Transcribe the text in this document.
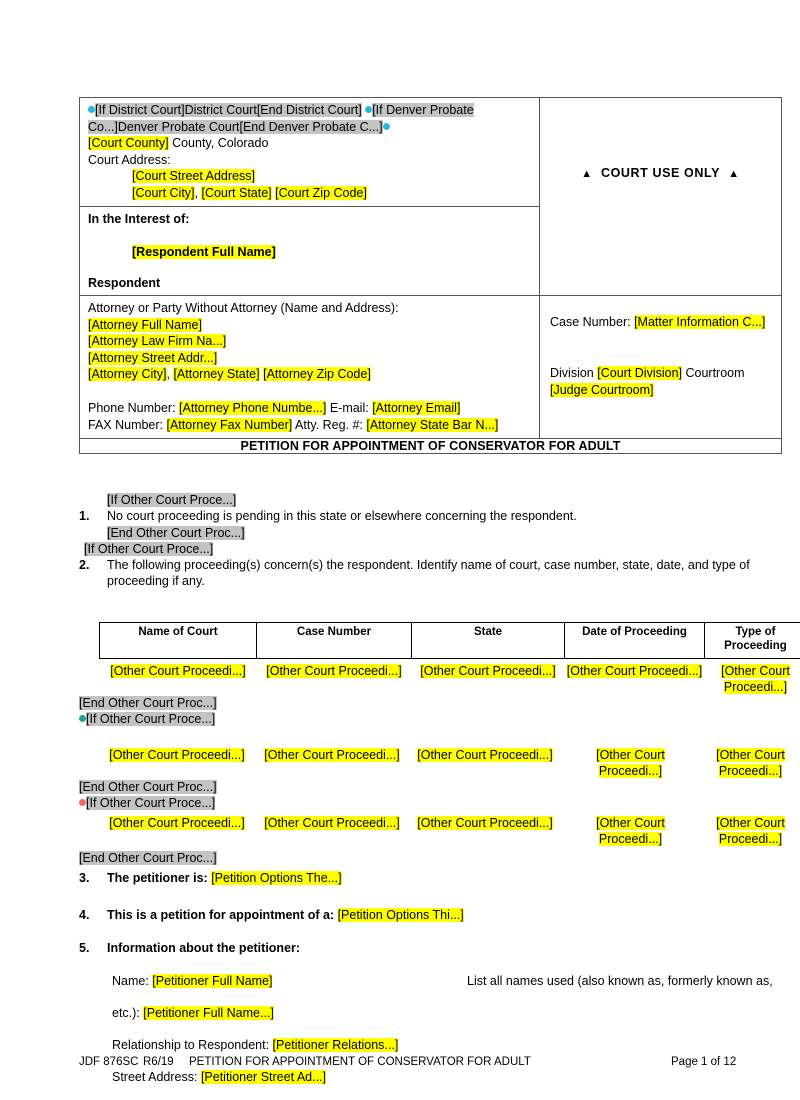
[If District Court]District Court[End District Court] [If Denver Probate Co...]Denver Probate Court[End Denver Probate C...]
[Court County] County, Colorado
Court Address:
[Court Street Address]
[Court City], [Court State] [Court Zip Code]	▲ COURT USE ONLY ▲

In the Interest of:
[Respondent Full Name]
Respondent	

Attorney or Party Without Attorney (Name and Address):
[Attorney Full Name]
[Attorney Law Firm Na...]
[Attorney Street Addr...]
[Attorney City], [Attorney State] [Attorney Zip Code]

Phone Number: [Attorney Phone Numbe...] E-mail: [Attorney Email]
FAX Number: [Attorney Fax Number] Atty. Reg. #: [Attorney State Bar N...]

Case Number: [Matter Information C...]
Division [Court Division] Courtroom [Judge Courtroom]

PETITION FOR APPOINTMENT OF CONSERVATOR FOR ADULT	
[If Other Court Proce...]
1.	No court proceeding is pending in this state or elsewhere concerning the respondent.
[End Other Court Proc...]
[If Other Court Proce...]
2.	The following proceeding(s) concern(s) the respondent. Identify name of court, case number, state, date, and type of proceeding if any.
Name of Court	Case Number	State	Date of Proceeding	Type of Proceeding
[Other Court Proceedi...]	[Other Court Proceedi...]	[Other Court Proceedi...]	[Other Court Proceedi...]	[Other Court Proceedi...]
[End Other Court Proc...]
[If Other Court Proce...]
[Other Court Proceedi...]	[Other Court Proceedi...]	[Other Court Proceedi...]	[Other Court Proceedi...]	[Other Court Proceedi...]
[End Other Court Proc...]
[If Other Court Proce...]
[Other Court Proceedi...]	[Other Court Proceedi...]	[Other Court Proceedi...]	[Other Court Proceedi...]	[Other Court Proceedi...]
[End Other Court Proc...]
3.	The petitioner is: [Petition Options The...]
4.	This is a petition for appointment of a: [Petition Options Thi...]
5.	Information about the petitioner:
Name: [Petitioner Full Name]	List all names used (also known as, formerly known as,
etc.): [Petitioner Full Name...]
Relationship to Respondent: [Petitioner Relations...]
Street Address: [Petitioner Street Ad...]
JDF 876SC R6/19	PETITION FOR APPOINTMENT OF CONSERVATOR FOR ADULT	Page 1 of 12
